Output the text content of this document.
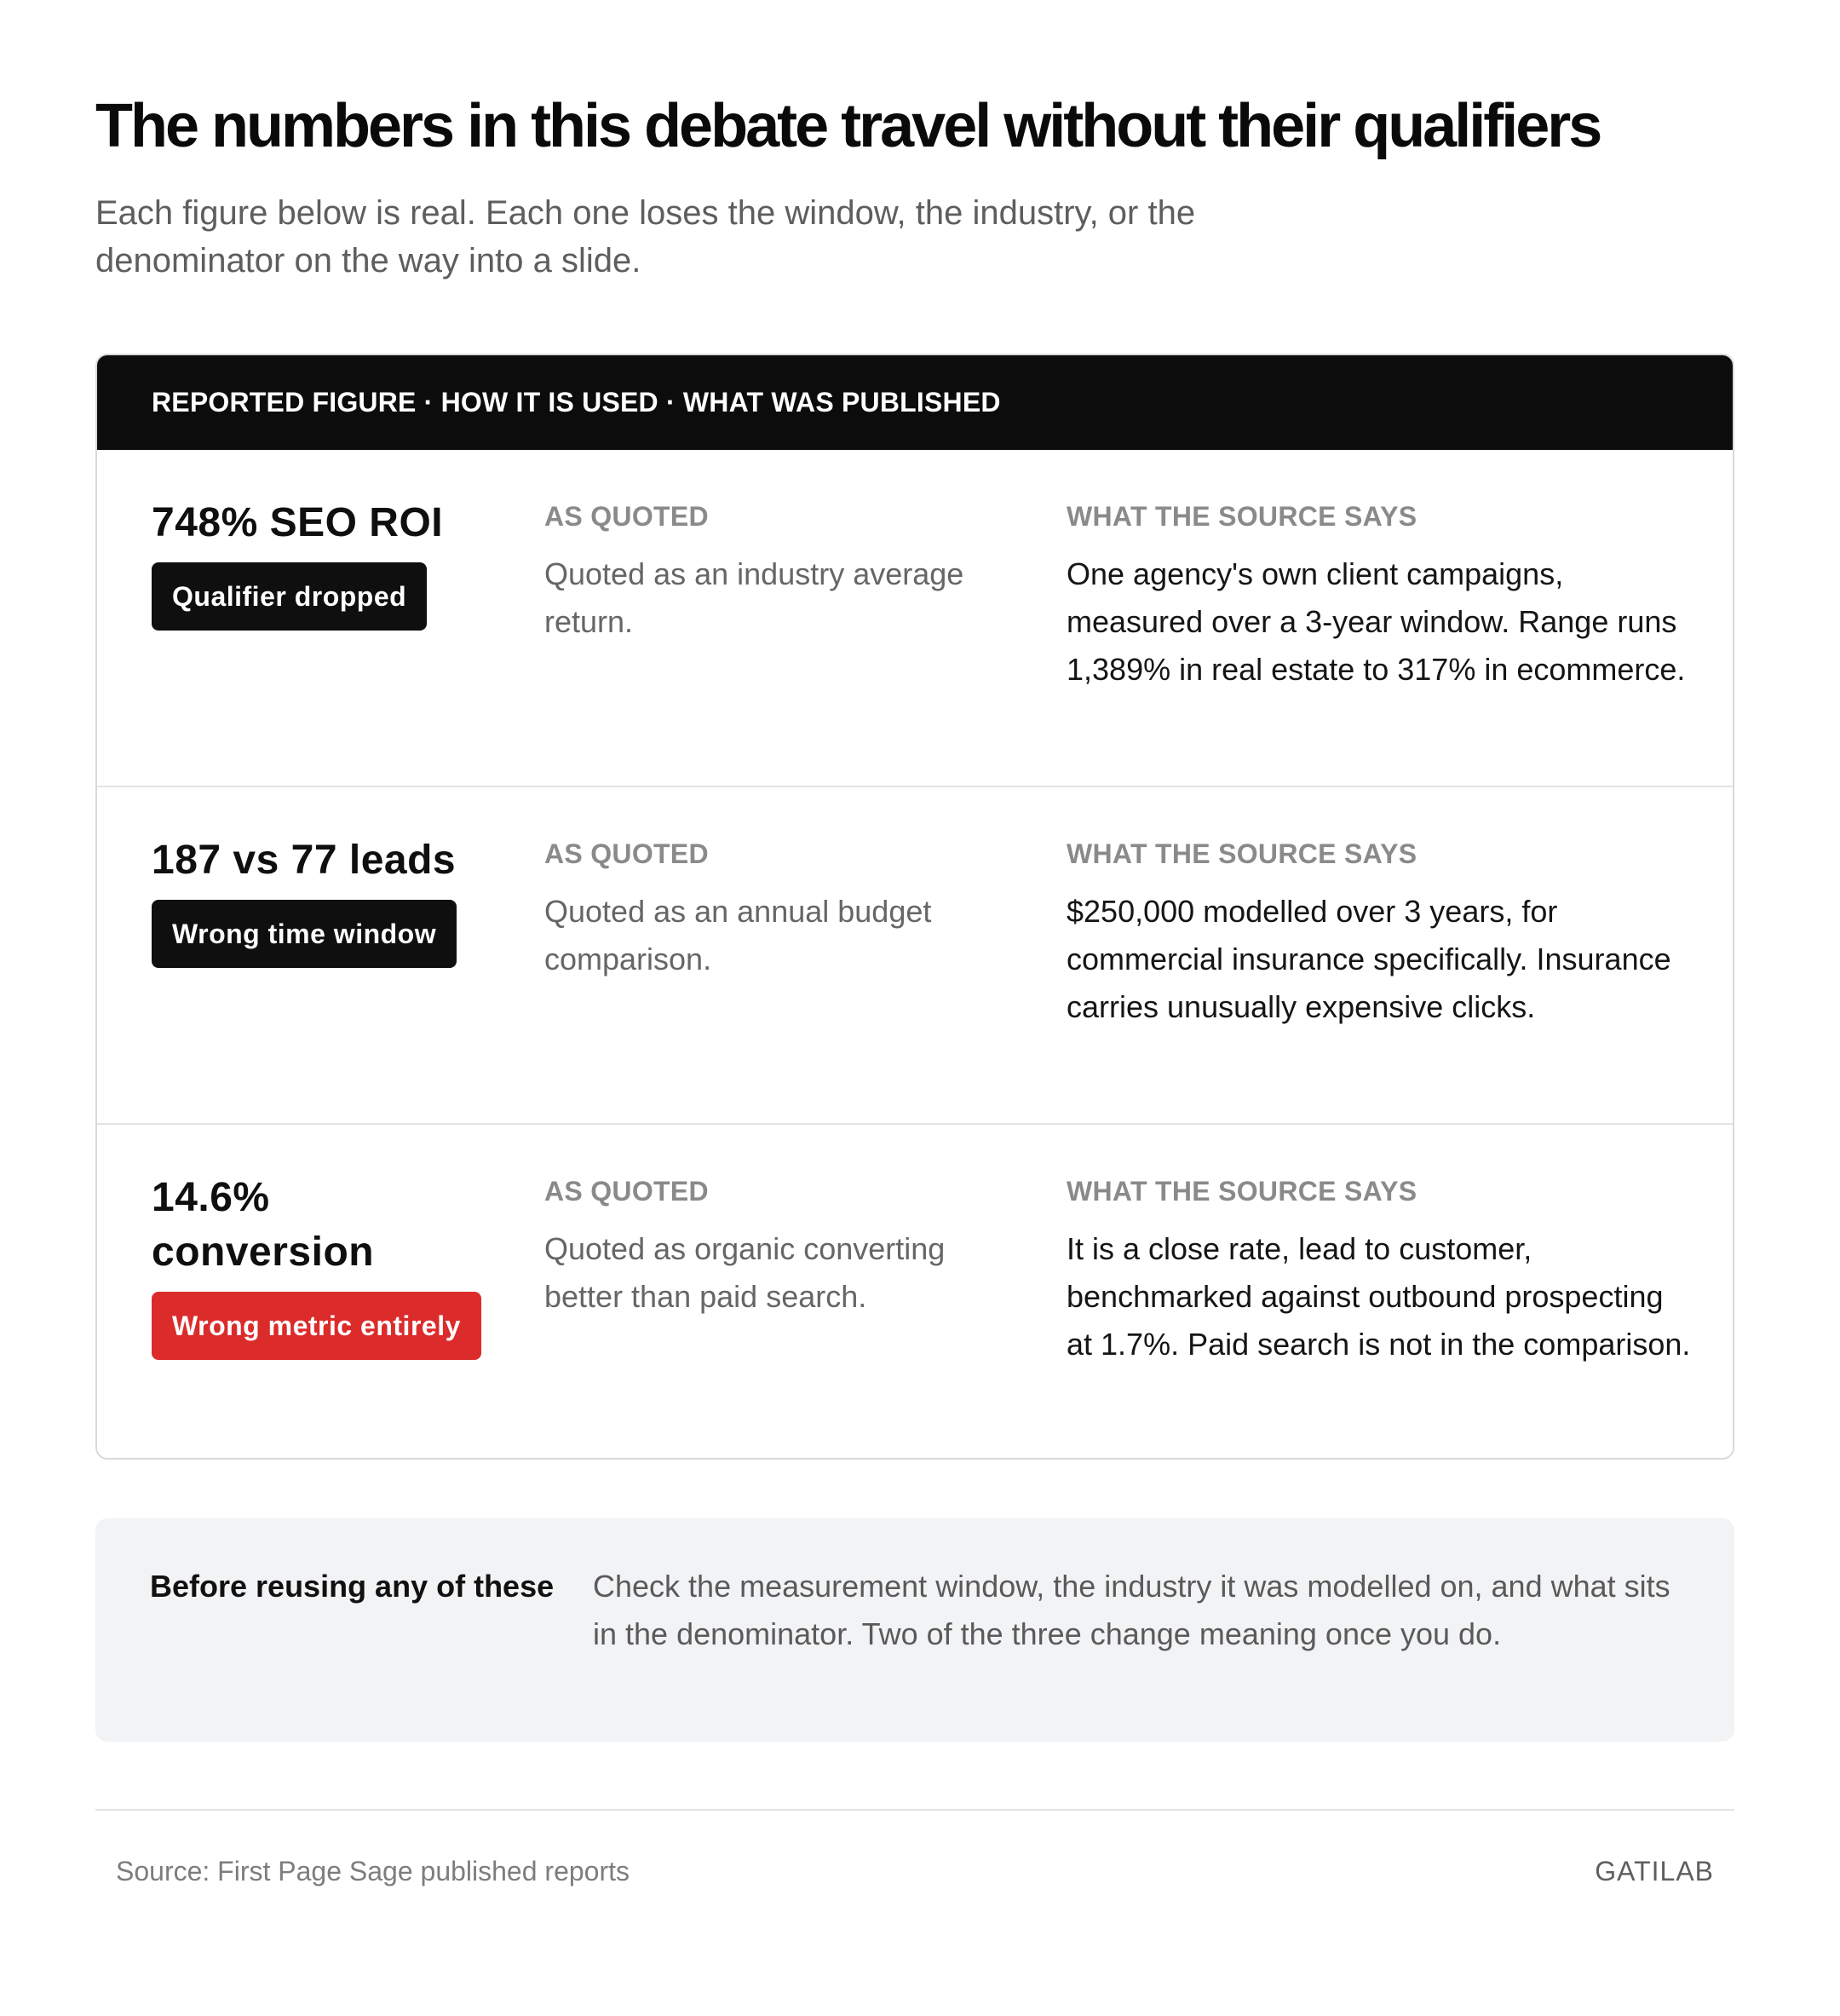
The numbers in this debate travel without their qualifiers

Each figure below is real. Each one loses the window, the industry, or the denominator on the way into a slide.

REPORTED FIGURE · HOW IT IS USED · WHAT WAS PUBLISHED
748% SEO ROI
Qualifier dropped
AS QUOTED
Quoted as an industry average return.
WHAT THE SOURCE SAYS
One agency's own client campaigns, measured over a 3-year window. Range runs 1,389% in real estate to 317% in ecommerce.
187 vs 77 leads
Wrong time window
AS QUOTED
Quoted as an annual budget comparison.
WHAT THE SOURCE SAYS
$250,000 modelled over 3 years, for commercial insurance specifically. Insurance carries unusually expensive clicks.
14.6% conversion
Wrong metric entirely
AS QUOTED
Quoted as organic converting better than paid search.
WHAT THE SOURCE SAYS
It is a close rate, lead to customer, benchmarked against outbound prospecting at 1.7%. Paid search is not in the comparison.
Before reusing any of these	Check the measurement window, the industry it was modelled on, and what sits in the denominator. Two of the three change meaning once you do.
Source: First Page Sage published reports	GATILAB
